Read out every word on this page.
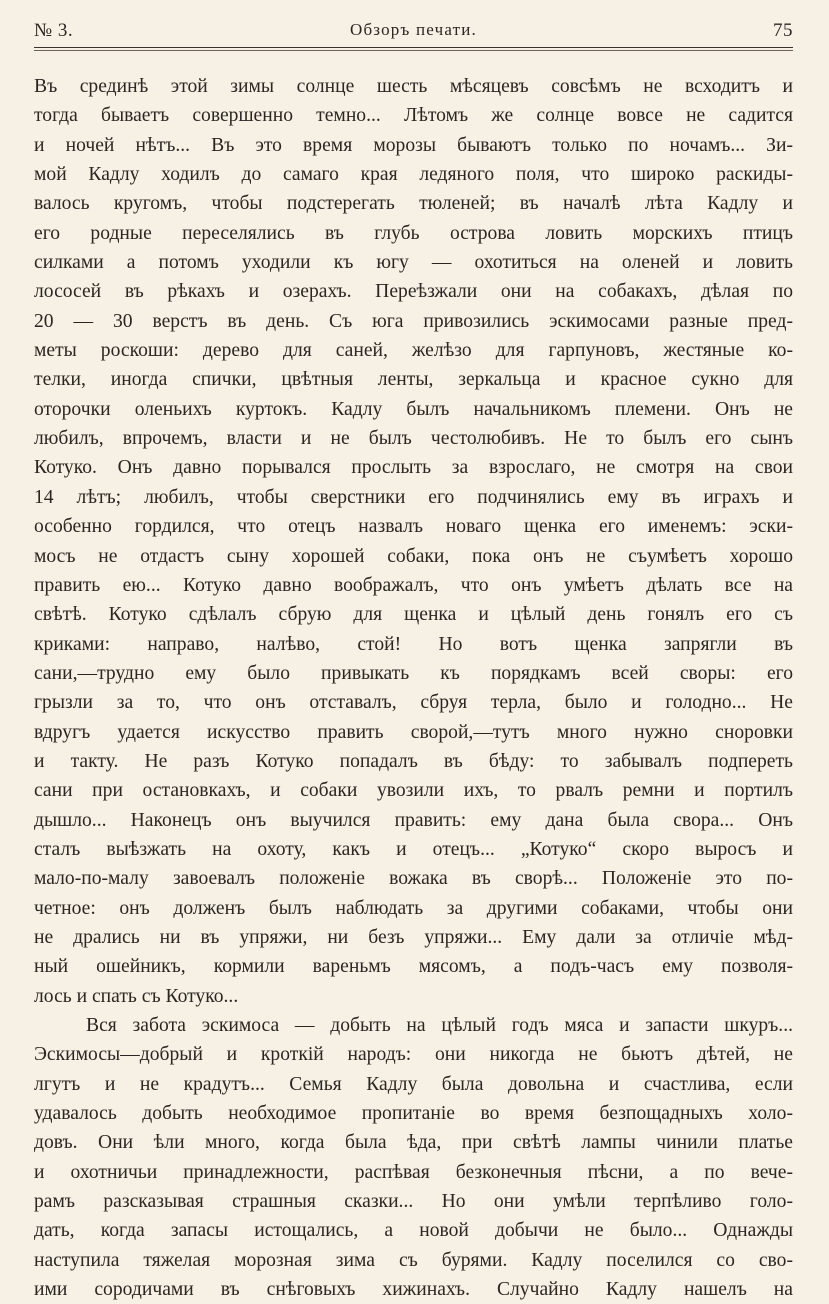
№ 3.	Обзоръ печати.	75
Въ срединѣ этой зимы солнце шесть мѣсяцевъ совсѣмъ не всходитъ и
тогда бываетъ совершенно темно... Лѣтомъ же солнце вовсе не садится
и ночей нѣтъ... Въ это время морозы бываютъ только по ночамъ... Зи-
мой Кадлу ходилъ до самаго края ледяного поля, что широко раскиды-
валось кругомъ, чтобы подстерегать тюленей; въ началѣ лѣта Кадлу и
его родные переселялись въ глубь острова ловить морскихъ птицъ
силками а потомъ уходили къ югу — охотиться на оленей и ловить
лососей въ рѣкахъ и озерахъ. Переѣзжали они на собакахъ, дѣлая по
20 — 30 верстъ въ день. Съ юга привозились эскимосами разные пред-
меты роскоши: дерево для саней, желѣзо для гарпуновъ, жестяные ко-
телки, иногда спички, цвѣтныя ленты, зеркальца и красное сукно для
оторочки оленьихъ куртокъ. Кадлу былъ начальникомъ племени. Онъ не
любилъ, впрочемъ, власти и не былъ честолюбивъ. Не то былъ его сынъ
Котуко. Онъ давно порывался прослыть за взрослаго, не смотря на свои
14 лѣтъ; любилъ, чтобы сверстники его подчинялись ему въ играхъ и
особенно гордился, что отецъ назвалъ новаго щенка его именемъ: эски-
мосъ не отдастъ сыну хорошей собаки, пока онъ не съумѣетъ хорошо
править ею... Котуко давно воображалъ, что онъ умѣетъ дѣлать все на
свѣтѣ. Котуко сдѣлалъ сбрую для щенка и цѣлый день гонялъ его съ
криками: направо, налѣво, стой! Но вотъ щенка запрягли въ
сани,—трудно ему было привыкать къ порядкамъ всей своры: его
грызли за то, что онъ отставалъ, сбруя терла, было и голодно... Не
вдругъ удается искусство править сворой,—тутъ много нужно сноровки
и такту. Не разъ Котуко попадалъ въ бѣду: то забывалъ подпереть
сани при остановкахъ, и собаки увозили ихъ, то рвалъ ремни и портилъ
дышло... Наконецъ онъ выучился править: ему дана была свора... Онъ
сталъ выѣзжать на охоту, какъ и отецъ... „Котуко“ скоро выросъ и
мало-по-малу завоевалъ положеніе вожака въ сворѣ... Положеніе это по-
четное: онъ долженъ былъ наблюдать за другими собаками, чтобы они
не дрались ни въ упряжи, ни безъ упряжи... Ему дали за отличіе мѣд-
ный ошейникъ, кормили вареньмъ мясомъ, а подъ-часъ ему позволя-
лось и спать съ Котуко...
Вся забота эскимоса — добыть на цѣлый годъ мяса и запасти шкуръ...
Эскимосы—добрый и кроткій народъ: они никогда не бьютъ дѣтей, не
лгутъ и не крадутъ... Семья Кадлу была довольна и счастлива, если
удавалось добыть необходимое пропитаніе во время безпощадныхъ холо-
довъ. Они ѣли много, когда была ѣда, при свѣтѣ лампы чинили платье
и охотничьи принадлежности, распѣвая безконечныя пѣсни, а по вече-
рамъ разсказывая страшныя сказки... Но они умѣли терпѣливо голо-
дать, когда запасы истощались, а новой добычи не было... Однажды
наступила тяжелая морозная зима съ бурями. Кадлу поселился со сво-
ими сородичами въ снѣговыхъ хижинахъ. Случайно Кадлу нашелъ на
